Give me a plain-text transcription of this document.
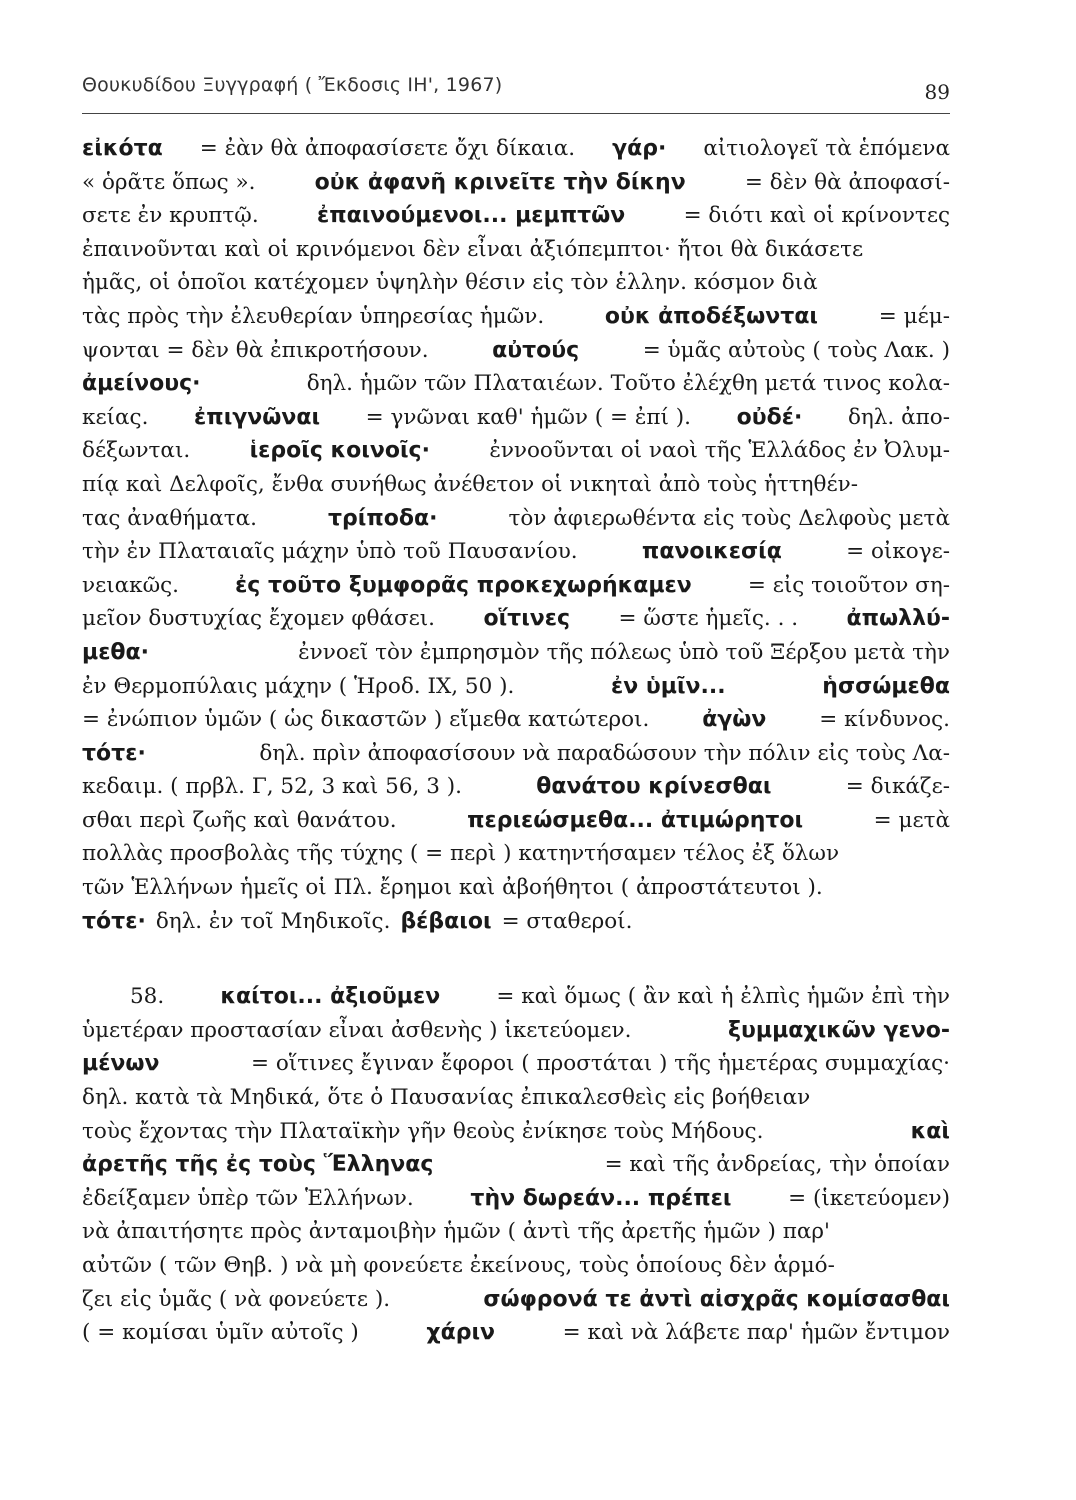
Θουκυδίδου Ξυγγραφή ( Ἔκδοσις ΙΗ', 1967)	89
εἰκότα = ἐὰν θὰ ἀποφασίσετε ὄχι δίκαια. γάρ· αἰτιολογεῖ τὰ ἑπόμενα
« ὁρᾶτε ὅπως ».	οὐκ ἀφανῆ κρινεῖτε τὴν δίκην	= δὲν θὰ ἀποφασί-
σετε ἐν κρυπτῷ.	ἐπαινούμενοι... μεμπτῶν	= διότι καὶ οἱ κρίνοντες
ἐπαινοῦνται καὶ οἱ κρινόμενοι δὲν εἶναι ἀξιόπεμπτοι· ἤτοι θὰ δικάσετε
ἡμᾶς, οἱ ὁποῖοι κατέχομεν ὑψηλὴν θέσιν εἰς τὸν ἑλλην. κόσμον διὰ
τὰς πρὸς τὴν ἐλευθερίαν ὑπηρεσίας ἡμῶν.	οὐκ ἀποδέξωνται	= μέμ-
ψονται = δὲν θὰ ἐπικροτήσουν.	αὐτούς	= ὑμᾶς αὐτοὺς ( τοὺς Λακ. )
ἀμείνους·	δηλ. ἡμῶν τῶν Πλαταιέων. Τοῦτο ἐλέχθη μετά τινος κολα-
κείας. ἐπιγνῶναι = γνῶναι καθ' ἡμῶν ( = ἐπί ). οὐδέ· δηλ. ἀπο-
δέξωνται.	ἱεροῖς κοινοῖς·	ἐννοοῦνται οἱ ναοὶ τῆς Ἑλλάδος ἐν Ὀλυμ-
πίᾳ καὶ Δελφοῖς, ἔνθα συνήθως ἀνέθετον οἱ νικηταὶ ἀπὸ τοὺς ἡττηθέν-
τας ἀναθήματα.	τρίποδα·	τὸν ἀφιερωθέντα εἰς τοὺς Δελφοὺς μετὰ
τὴν ἐν Πλαταιαῖς μάχην ὑπὸ τοῦ Παυσανίου.	πανοικεσίᾳ	= οἰκογε-
νειακῶς.	ἐς τοῦτο ξυμφορᾶς προκεχωρήκαμεν	= εἰς τοιοῦτον ση-
μεῖον δυστυχίας ἔχομεν φθάσει. οἵτινες = ὥστε ἡμεῖς. . . ἀπωλλύ-
μεθα·	ἐννοεῖ τὸν ἐμπρησμὸν τῆς πόλεως ὑπὸ τοῦ Ξέρξου μετὰ τὴν
ἐν Θερμοπύλαις μάχην ( Ἡροδ. ΙΧ, 50 ).	ἐν ὑμῖν...	ἡσσώμεθα
= ἐνώπιον ὑμῶν ( ὡς δικαστῶν ) εἴμεθα κατώτεροι. ἀγὼν = κίνδυνος.
τότε·	δηλ. πρὶν ἀποφασίσουν νὰ παραδώσουν τὴν πόλιν εἰς τοὺς Λα-
κεδαιμ. ( πρβλ. Γ, 52, 3 καὶ 56, 3 ).	θανάτου κρίνεσθαι	= δικάζε-
σθαι περὶ ζωῆς καὶ θανάτου.	περιεώσμεθα... ἀτιμώρητοι	= μετὰ
πολλὰς προσβολὰς τῆς τύχης ( = περὶ ) κατηντήσαμεν τέλος ἐξ ὅλων
τῶν Ἑλλήνων ἡμεῖς οἱ Πλ. ἔρημοι καὶ ἀβοήθητοι ( ἀπροστάτευτοι ).
τότε· δηλ. ἐν τοῖ Μηδικοῖς. βέβαιοι = σταθεροί.
58.	καίτοι... ἀξιοῦμεν	= καὶ ὅμως ( ἂν καὶ ἡ ἐλπὶς ἡμῶν ἐπὶ τὴν
ὑμετέραν προστασίαν εἶναι ἀσθενὴς ) ἱκετεύομεν.	ξυμμαχικῶν γενο-
μένων	= οἵτινες ἔγιναν ἔφοροι ( προστάται ) τῆς ἡμετέρας συμμαχίας·
δηλ. κατὰ τὰ Μηδικά, ὅτε ὁ Παυσανίας ἐπικαλεσθεὶς εἰς βοήθειαν
τοὺς ἔχοντας τὴν Πλαταϊκὴν γῆν θεοὺς ἐνίκησε τοὺς Μήδους.	καὶ
ἀρετῆς τῆς ἐς τοὺς Ἕλληνας	= καὶ τῆς ἀνδρείας, τὴν ὁποίαν
ἐδείξαμεν ὑπὲρ τῶν Ἑλλήνων.	τὴν δωρεάν... πρέπει	= (ἱκετεύομεν)
νὰ ἀπαιτήσητε πρὸς ἀνταμοιβὴν ἡμῶν ( ἀντὶ τῆς ἀρετῆς ἡμῶν ) παρ'
αὐτῶν ( τῶν Θηβ. ) νὰ μὴ φονεύετε ἐκείνους, τοὺς ὁποίους δὲν ἁρμό-
ζει εἰς ὑμᾶς ( νὰ φονεύετε ).	σώφρονά τε ἀντὶ αἰσχρᾶς κομίσασθαι
( = κομίσαι ὑμῖν αὐτοῖς )	χάριν	= καὶ νὰ λάβετε παρ' ἡμῶν ἔντιμον
